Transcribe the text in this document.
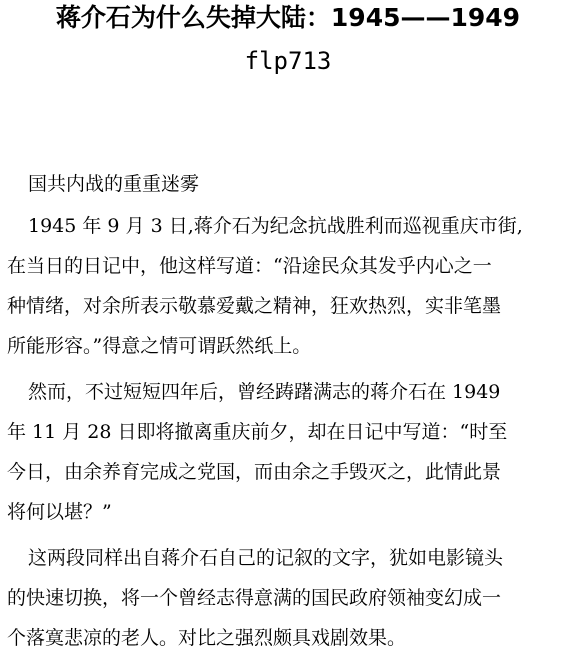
蒋介石为什么失掉大陆：1945——1949
flp713
国共内战的重重迷雾
1945 年 9 月 3 日,蒋介石为纪念抗战胜利而巡视重庆市街,
在当日的日记中，他这样写道：“沿途民众其发乎内心之一
种情绪，对余所表示敬慕爱戴之精神，狂欢热烈，实非笔墨
所能形容。”得意之情可谓跃然纸上。
然而，不过短短四年后，曾经踌躇满志的蒋介石在 1949
年 11 月 28 日即将撤离重庆前夕，却在日记中写道：“时至
今日，由余养育完成之党国，而由余之手毁灭之，此情此景
将何以堪？”
这两段同样出自蒋介石自己的记叙的文字，犹如电影镜头
的快速切换，将一个曾经志得意满的国民政府领袖变幻成一
个落寞悲凉的老人。对比之强烈颇具戏剧效果。
